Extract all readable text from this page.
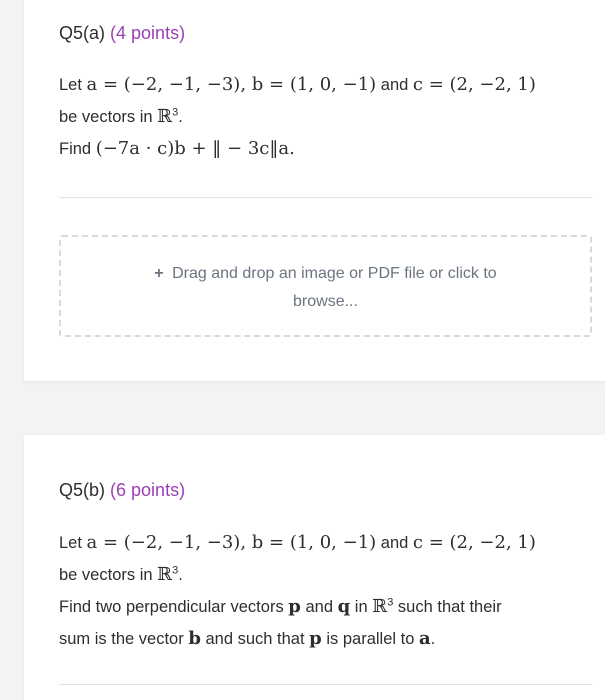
Q5(a) (4 points)
Let a = (−2, −1, −3), b = (1, 0, −1) and c = (2, −2, 1)
be vectors in ℝ$^3$.
Find (−7a · c)b + ‖ − 3c‖a.
+ Drag and drop an image or PDF file or click to
browse...
Q5(b) (6 points)
Let a = (−2, −1, −3), b = (1, 0, −1) and c = (2, −2, 1)
be vectors in ℝ$^3$.
Find two perpendicular vectors p and q in ℝ$^3$ such that their
sum is the vector b and such that p is parallel to a.
